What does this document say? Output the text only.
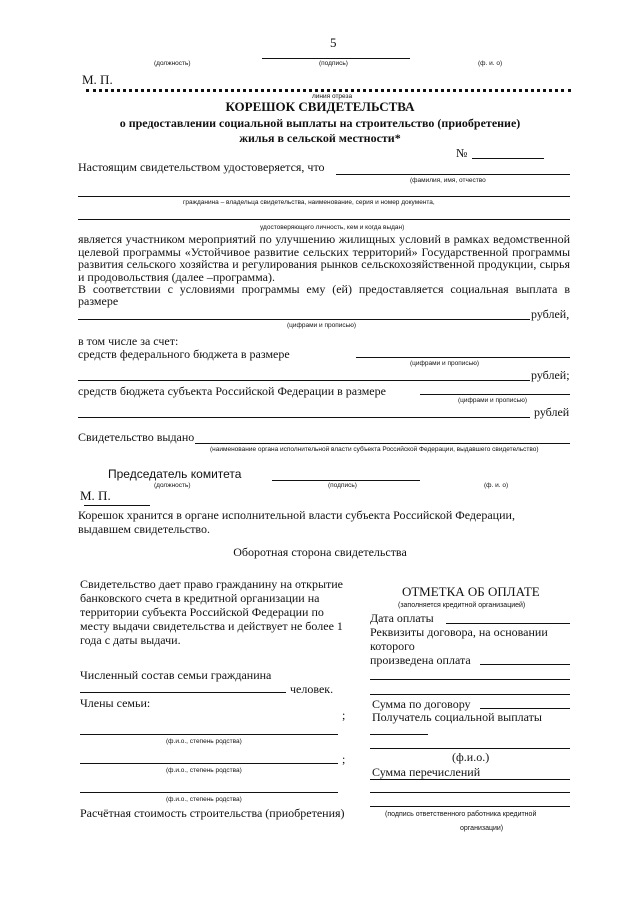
5
(должность)	(подпись)	(ф. и. о)
М. П.
линия отреза
КОРЕШОК СВИДЕТЕЛЬСТВА
о предоставлении социальной выплаты на строительство (приобретение)
жилья в сельской местности*
№
Настоящим свидетельством удостоверяется, что
(фамилия, имя, отчество
гражданина – владельца свидетельства, наименование, серия и номер документа,
удостоверяющего личность, кем и когда выдан)
является участником мероприятий по улучшению жилищных условий в рамках ведомственной целевой программы «Устойчивое развитие сельских территорий» Государственной программы развития сельского хозяйства и регулирования рынков сельскохозяйственной продукции, сырья и продовольствия (далее –программа).
В соответствии с условиями программы ему (ей) предоставляется социальная выплата в
размере
рублей,
(цифрами и прописью)
в том числе за счет:
средств федерального бюджета в размере
(цифрами и прописью)
рублей;
средств бюджета субъекта Российской Федерации в размере
(цифрами и прописью)
рублей
Свидетельство выдано
(наименование органа исполнительной власти субъекта Российской Федерации, выдавшего свидетельство)
Председатель комитета
(должность)	(подпись)	(ф. и. о)
М. П.
Корешок хранится в органе исполнительной власти субъекта Российской Федерации, выдавшем свидетельство.
Оборотная сторона свидетельства
Свидетельство дает право гражданину на открытие
банковского счета в кредитной организации на
территории субъекта Российской Федерации по
месту выдачи свидетельства и действует не более 1
года с даты выдачи.
ОТМЕТКА ОБ ОПЛАТЕ
(заполняется кредитной организацией)
Дата оплаты
Реквизиты договора, на основании
которого
произведена оплата
Численный состав семьи гражданина
человек.
Члены семьи:	Сумма по договору
Получатель социальной выплаты
;
(ф.и.о., степень родства)
(ф.и.о.)
;
(ф.и.о., степень родства)	Сумма перечислений
(ф.и.о., степень родства)
Расчётная стоимость строительства (приобретения)	(подпись ответственного работника кредитной
организации)
